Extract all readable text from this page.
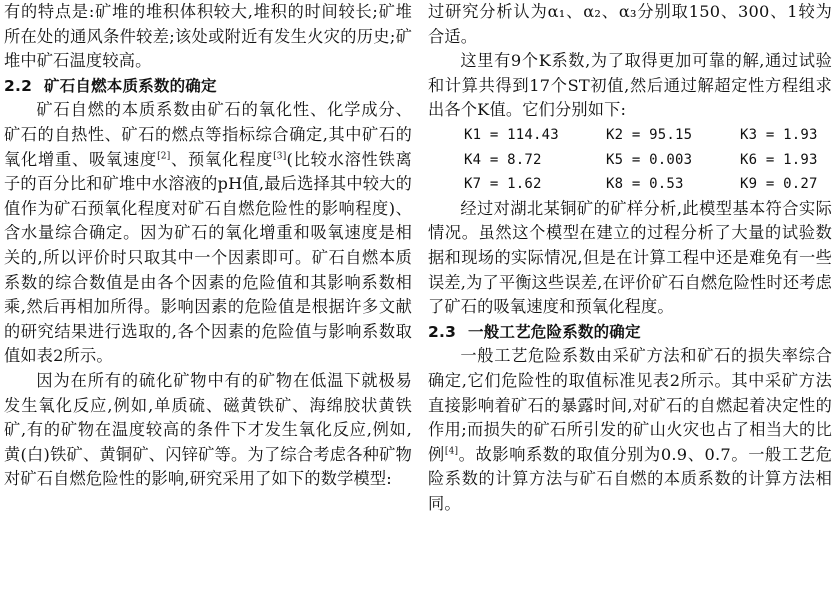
有的特点是:矿堆的堆积体积较大,堆积的时间较长;矿堆所在处的通风条件较差;该处或附近有发生火灾的历史;矿堆中矿石温度较高。

2.2 矿石自燃本质系数的确定

矿石自燃的本质系数由矿石的氧化性、化学成分、矿石的自热性、矿石的燃点等指标综合确定,其中矿石的氧化增重、吸氧速度[2]、预氧化程度[3](比较水溶性铁离子的百分比和矿堆中水溶液的pH值,最后选择其中较大的值作为矿石预氧化程度对矿石自燃危险性的影响程度)、含水量综合确定。因为矿石的氧化增重和吸氧速度是相关的,所以评价时只取其中一个因素即可。矿石自燃本质系数的综合数值是由各个因素的危险值和其影响系数相乘,然后再相加所得。影响因素的危险值是根据许多文献的研究结果进行选取的,各个因素的危险值与影响系数取值如表2所示。

因为在所有的硫化矿物中有的矿物在低温下就极易发生氧化反应,例如,单质硫、磁黄铁矿、海绵胶状黄铁矿,有的矿物在温度较高的条件下才发生氧化反应,例如,黄(白)铁矿、黄铜矿、闪锌矿等。为了综合考虑各种矿物对矿石自燃危险性的影响,研究采用了如下的数学模型:

过研究分析认为α₁、α₂、α₃分别取150、300、1较为合适。

这里有9个K系数,为了取得更加可靠的解,通过试验和计算共得到17个ST初值,然后通过解超定性方程组求出各个K值。它们分别如下:

K1 = 114.43	K2 = 95.15	K3 = 1.93
K4 = 8.72	K5 = 0.003	K6 = 1.93
K7 = 1.62	K8 = 0.53	K9 = 0.27

经过对湖北某铜矿的矿样分析,此模型基本符合实际情况。虽然这个模型在建立的过程分析了大量的试验数据和现场的实际情况,但是在计算工程中还是难免有一些误差,为了平衡这些误差,在评价矿石自燃危险性时还考虑了矿石的吸氧速度和预氧化程度。

2.3 一般工艺危险系数的确定

一般工艺危险系数由采矿方法和矿石的损失率综合确定,它们危险性的取值标准见表2所示。其中采矿方法直接影响着矿石的暴露时间,对矿石的自燃起着决定性的作用;而损失的矿石所引发的矿山火灾也占了相当大的比例[4]。故影响系数的取值分别为0.9、0.7。一般工艺危险系数的计算方法与矿石自燃的本质系数的计算方法相同。
